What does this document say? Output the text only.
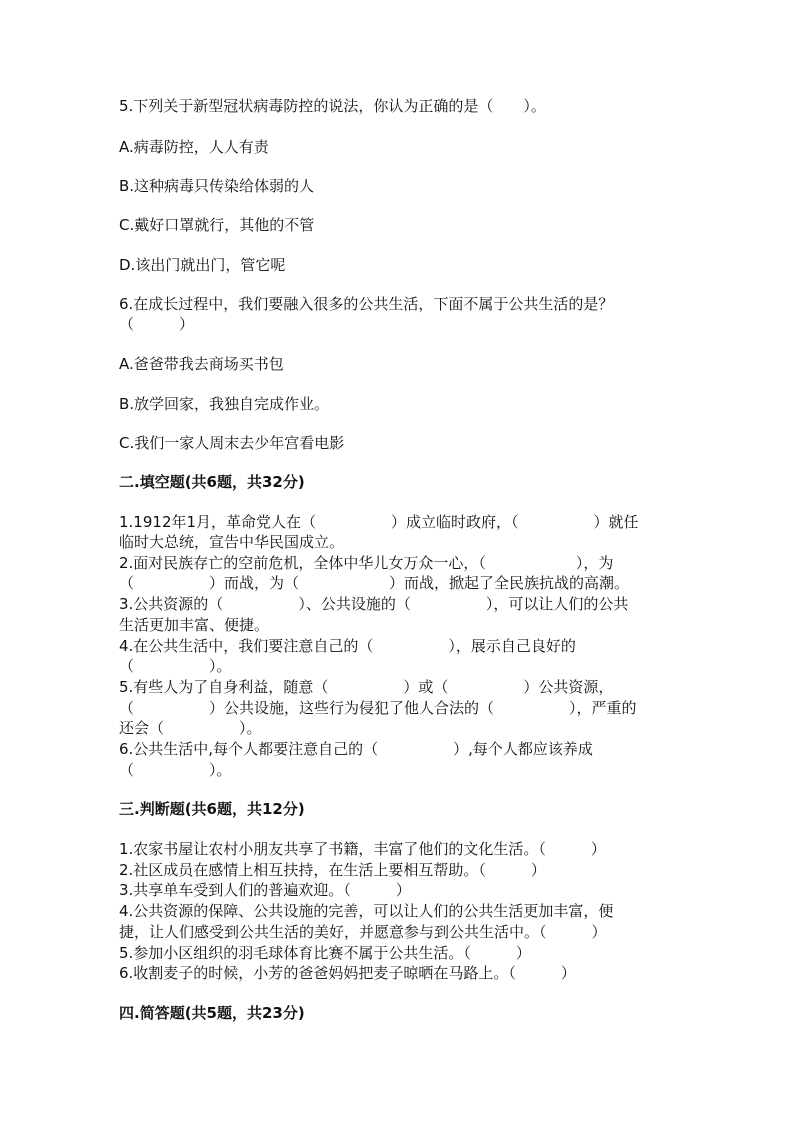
5.下列关于新型冠状病毒防控的说法，你认为正确的是（　　）。
A.病毒防控，人人有责
B.这种病毒只传染给体弱的人
C.戴好口罩就行，其他的不管
D.该出门就出门，管它呢
6.在成长过程中，我们要融入很多的公共生活，下面不属于公共生活的是？
（　　　）
A.爸爸带我去商场买书包
B.放学回家，我独自完成作业。
C.我们一家人周末去少年宫看电影
二.填空题(共6题，共32分)
1.1912年1月，革命党人在（　　　　　）成立临时政府，（　　　　　）就任
临时大总统，宣告中华民国成立。
2.面对民族存亡的空前危机，全体中华儿女万众一心，（　　　　　　），为
（　　　　　）而战，为（　　　　　　）而战，掀起了全民族抗战的高潮。
3.公共资源的（　　　　　）、公共设施的（　　　　　），可以让人们的公共
生活更加丰富、便捷。
4.在公共生活中，我们要注意自己的（　　　　　），展示自己良好的
（　　　　　）。
5.有些人为了自身利益，随意（　　　　　）或（　　　　　）公共资源，
（　　　　　）公共设施，这些行为侵犯了他人合法的（　　　　　），严重的
还会（　　　　　）。
6.公共生活中,每个人都要注意自己的（　　　　　）,每个人都应该养成
（　　　　　）。
三.判断题(共6题，共12分)
1.农家书屋让农村小朋友共享了书籍，丰富了他们的文化生活。（　　　）
2.社区成员在感情上相互扶持，在生活上要相互帮助。（　　　）
3.共享单车受到人们的普遍欢迎。（　　　）
4.公共资源的保障、公共设施的完善，可以让人们的公共生活更加丰富，便
捷，让人们感受到公共生活的美好，并愿意参与到公共生活中。（　　　）
5.参加小区组织的羽毛球体育比赛不属于公共生活。（　　　）
6.收割麦子的时候，小芳的爸爸妈妈把麦子晾晒在马路上。（　　　）
四.简答题(共5题，共23分)
